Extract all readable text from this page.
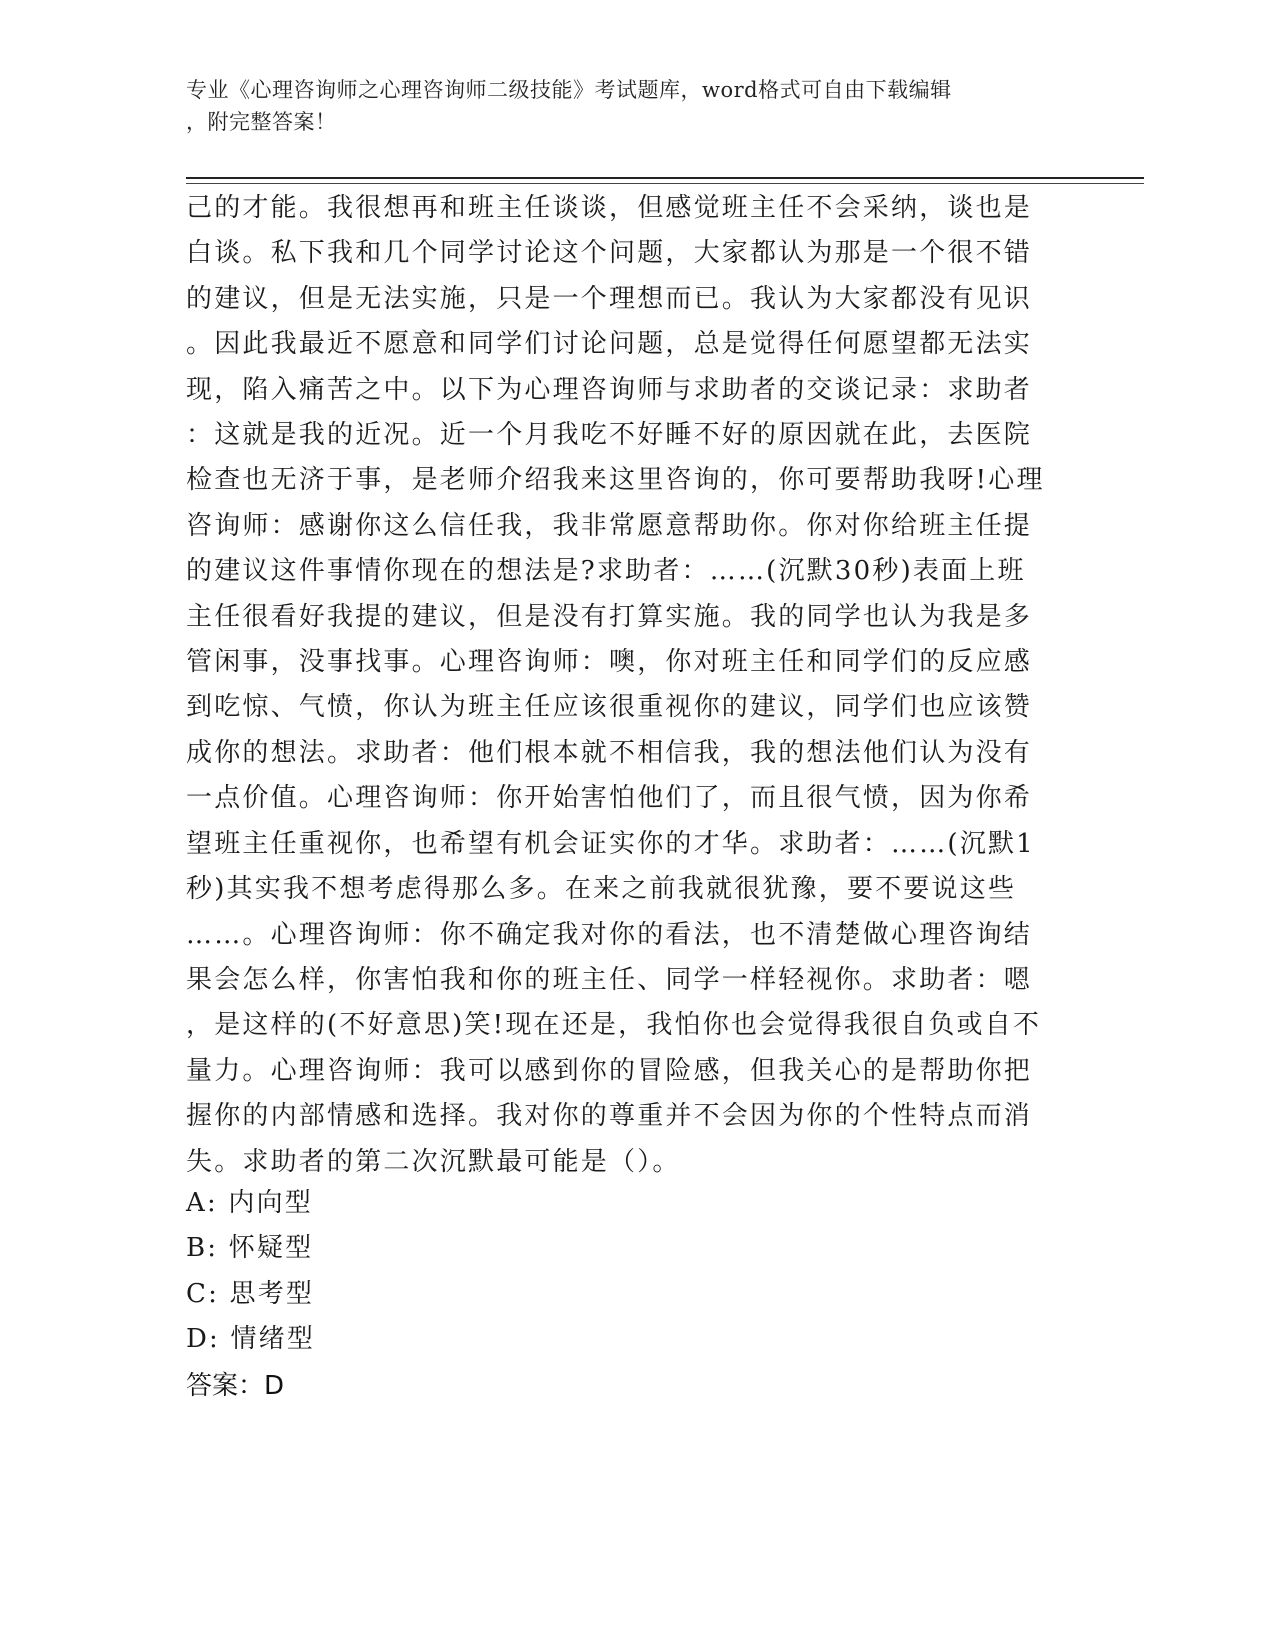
专业《心理咨询师之心理咨询师二级技能》考试题库，word格式可自由下载编辑
，附完整答案！

己的才能。我很想再和班主任谈谈，但感觉班主任不会采纳，谈也是

白谈。私下我和几个同学讨论这个问题，大家都认为那是一个很不错

的建议，但是无法实施，只是一个理想而已。我认为大家都没有见识

。因此我最近不愿意和同学们讨论问题，总是觉得任何愿望都无法实

现，陷入痛苦之中。以下为心理咨询师与求助者的交谈记录：求助者

：这就是我的近况。近一个月我吃不好睡不好的原因就在此，去医院

检查也无济于事，是老师介绍我来这里咨询的，你可要帮助我呀!心理

咨询师：感谢你这么信任我，我非常愿意帮助你。你对你给班主任提

的建议这件事情你现在的想法是?求助者：……(沉默30秒)表面上班

主任很看好我提的建议，但是没有打算实施。我的同学也认为我是多

管闲事，没事找事。心理咨询师：噢，你对班主任和同学们的反应感

到吃惊、气愤，你认为班主任应该很重视你的建议，同学们也应该赞

成你的想法。求助者：他们根本就不相信我，我的想法他们认为没有

一点价值。心理咨询师：你开始害怕他们了，而且很气愤，因为你希

望班主任重视你，也希望有机会证实你的才华。求助者：……(沉默1

秒)其实我不想考虑得那么多。在来之前我就很犹豫，要不要说这些

……。心理咨询师：你不确定我对你的看法，也不清楚做心理咨询结

果会怎么样，你害怕我和你的班主任、同学一样轻视你。求助者：嗯

，是这样的(不好意思)笑!现在还是，我怕你也会觉得我很自负或自不

量力。心理咨询师：我可以感到你的冒险感，但我关心的是帮助你把

握你的内部情感和选择。我对你的尊重并不会因为你的个性特点而消

失。求助者的第二次沉默最可能是（）。

A: 内向型

B: 怀疑型

C: 思考型

D: 情绪型

答案：D
